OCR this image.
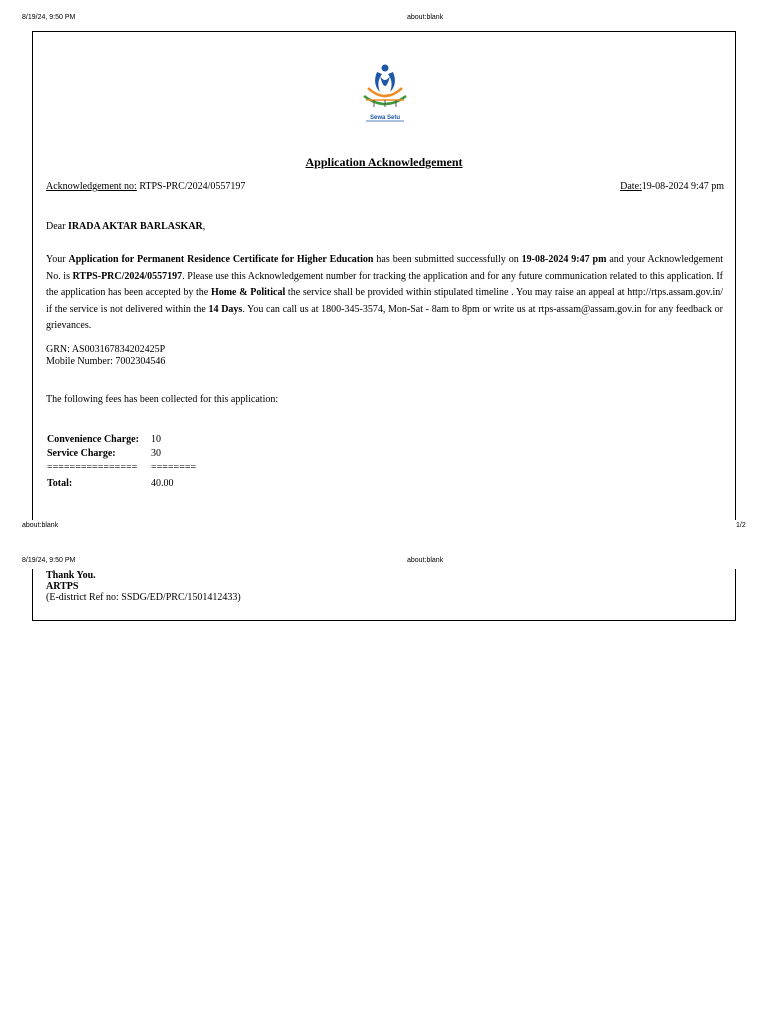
8/19/24, 9:50 PM	about:blank
Sewa Setu
Application Acknowledgement
Acknowledgement no: RTPS-PRC/2024/0557197	Date:19-08-2024 9:47 pm
Dear IRADA AKTAR BARLASKAR,
Your Application for Permanent Residence Certificate for Higher Education has been submitted successfully on 19-08-2024 9:47 pm and your Acknowledgement No. is RTPS-PRC/2024/0557197. Please use this Acknowledgement number for tracking the application and for any future communication related to this application. If the application has been accepted by the Home & Political the service shall be provided within stipulated timeline . You may raise an appeal at http://rtps.assam.gov.in/ if the service is not delivered within the 14 Days. You can call us at 1800-345-3574, Mon-Sat - 8am to 8pm or write us at rtps-assam@assam.gov.in for any feedback or grievances.
GRN: AS003167834202425P
Mobile Number: 7002304546
The following fees has been collected for this application:
Convenience Charge:	10
Service Charge:	30
================	========
Total:	40.00
about:blank	1/2
8/19/24, 9:50 PM	about:blank
Thank You.
ARTPS
(E-district Ref no: SSDG/ED/PRC/1501412433)
